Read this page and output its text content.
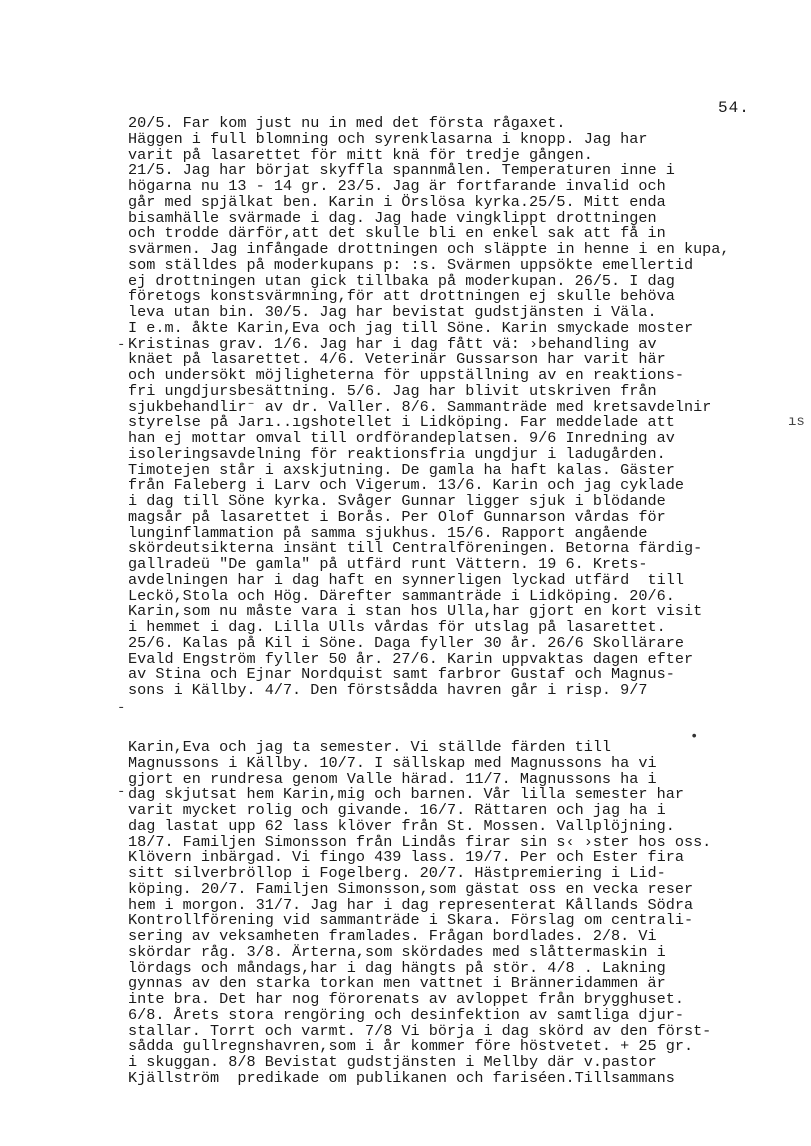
54.
20/5. Far kom just nu in med det första rågaxet.
Häggen i full blomning och syrenklasarna i knopp. Jag har
varit på lasarettet för mitt knä för tredje gången.
21/5. Jag har börjat skyffla spannmålen. Temperaturen inne i
högarna nu 13 - 14 gr. 23/5. Jag är fortfarande invalid och
går med spjälkat ben. Karin i Örslösa kyrka.25/5. Mitt enda
bisamhälle svärmade i dag. Jag hade vingklippt drottningen
och trodde därför,att det skulle bli en enkel sak att få in
svärmen. Jag infångade drottningen och släppte in henne i en kupa,
som ställdes på moderkupans p: :s. Svärmen uppsökte emellertid
ej drottningen utan gick tillbaka på moderkupan. 26/5. I dag
företogs konstsvärmning,för att drottningen ej skulle behöva
leva utan bin. 30/5. Jag har bevistat gudstjänsten i Väla.
I e.m. åkte Karin,Eva och jag till Söne. Karin smyckade moster
Kristinas grav. 1/6. Jag har i dag fått vä: ›behandling av
knäet på lasarettet. 4/6. Veterinär Gussarson har varit här
och undersökt möjligheterna för uppställning av en reaktions-
fri ungdjursbesättning. 5/6. Jag har blivit utskriven från
sjukbehandlir⁻ av dr. Valler. 8/6. Sammanträde med kretsavdelnir
styrelse på Jarı..ıgshotellet i Lidköping. Far meddelade att
han ej mottar omval till ordförandeplatsen. 9/6 Inredning av
isoleringsavdelning för reaktionsfria ungdjur i ladugården.
Timotejen står i axskjutning. De gamla ha haft kalas. Gäster
från Faleberg i Larv och Vigerum. 13/6. Karin och jag cyklade
i dag till Söne kyrka. Svåger Gunnar ligger sjuk i blödande
magsår på lasarettet i Borås. Per Olof Gunnarson vårdas för
lunginflammation på samma sjukhus. 15/6. Rapport angående
skördeutsikterna insänt till Centralföreningen. Betorna färdig-
gallradeü "De gamla" på utfärd runt Vättern. 19 6. Krets-
avdelningen har i dag haft en synnerligen lyckad utfärd  till
Leckö,Stola och Hög. Därefter sammanträde i Lidköping. 20/6.
Karin,som nu måste vara i stan hos Ulla,har gjort en kort visit
i hemmet i dag. Lilla Ulls vårdas för utslag på lasarettet.
25/6. Kalas på Kil i Söne. Daga fyller 30 år. 26/6 Skollärare
Evald Engström fyller 50 år. 27/6. Karin uppvaktas dagen efter
av Stina och Ejnar Nordquist samt farbror Gustaf och Magnus-
sons i Källby. 4/7. Den förstsådda havren går i risp. 9/7
Karin,Eva och jag ta semester. Vi ställde färden till
Magnussons i Källby. 10/7. I sällskap med Magnussons ha vi
gjort en rundresa genom Valle härad. 11/7. Magnussons ha i
dag skjutsat hem Karin,mig och barnen. Vår lilla semester har
varit mycket rolig och givande. 16/7. Rättaren och jag ha i
dag lastat upp 62 lass klöver från St. Mossen. Vallplöjning.
18/7. Familjen Simonsson från Lindås firar sin s‹ ›ster hos oss.
Klövern inbärgad. Vi fingo 439 lass. 19/7. Per och Ester fira
sitt silverbröllop i Fogelberg. 20/7. Hästpremiering i Lid-
köping. 20/7. Familjen Simonsson,som gästat oss en vecka reser
hem i morgon. 31/7. Jag har i dag representerat Kållands Södra
Kontrollförening vid sammanträde i Skara. Förslag om centrali-
sering av veksamheten framlades. Frågan bordlades. 2/8. Vi
skördar råg. 3/8. Ärterna,som skördades med slåttermaskin i
lördags och måndags,har i dag hängts på stör. 4/8 . Lakning
gynnas av den starka torkan men vattnet i Bränneridammen är
inte bra. Det har nog förorenats av avloppet från brygghuset.
6/8. Årets stora rengöring och desinfektion av samtliga djur-
stallar. Torrt och varmt. 7/8 Vi börja i dag skörd av den först-
sådda gullregnshavren,som i år kommer före höstvetet. + 25 gr.
i skuggan. 8/8 Bevistat gudstjänsten i Mellby där v.pastor
Kjällström  predikade om publikanen och fariséen.Tillsammans
-
-
-
•
ıs
